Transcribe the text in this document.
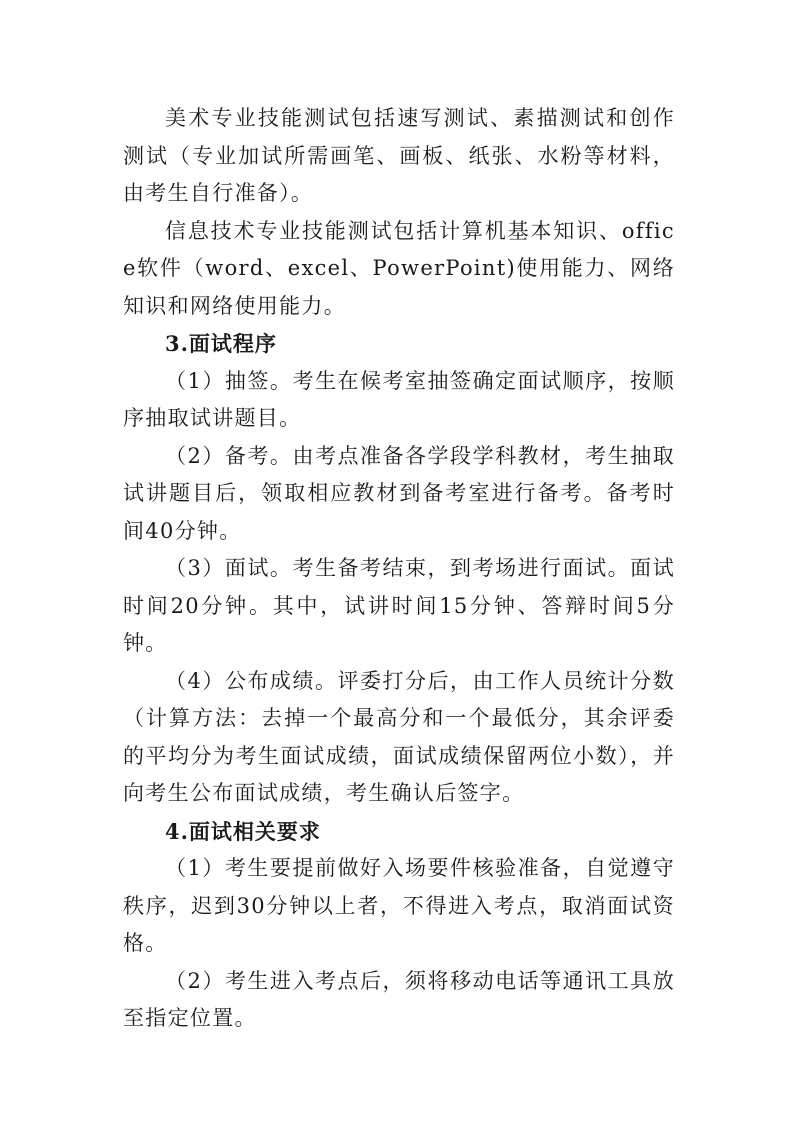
美术专业技能测试包括速写测试、素描测试和创作测试（专业加试所需画笔、画板、纸张、水粉等材料，由考生自行准备）。

信息技术专业技能测试包括计算机基本知识、office软件（word、excel、PowerPoint)使用能力、网络知识和网络使用能力。

3.面试程序

（1）抽签。考生在候考室抽签确定面试顺序，按顺序抽取试讲题目。

（2）备考。由考点准备各学段学科教材，考生抽取试讲题目后，领取相应教材到备考室进行备考。备考时间40分钟。

（3）面试。考生备考结束，到考场进行面试。面试时间20分钟。其中，试讲时间15分钟、答辩时间5分钟。

（4）公布成绩。评委打分后，由工作人员统计分数（计算方法：去掉一个最高分和一个最低分，其余评委的平均分为考生面试成绩，面试成绩保留两位小数），并向考生公布面试成绩，考生确认后签字。

4.面试相关要求

（1）考生要提前做好入场要件核验准备，自觉遵守秩序，迟到30分钟以上者，不得进入考点，取消面试资格。

（2）考生进入考点后，须将移动电话等通讯工具放至指定位置。
